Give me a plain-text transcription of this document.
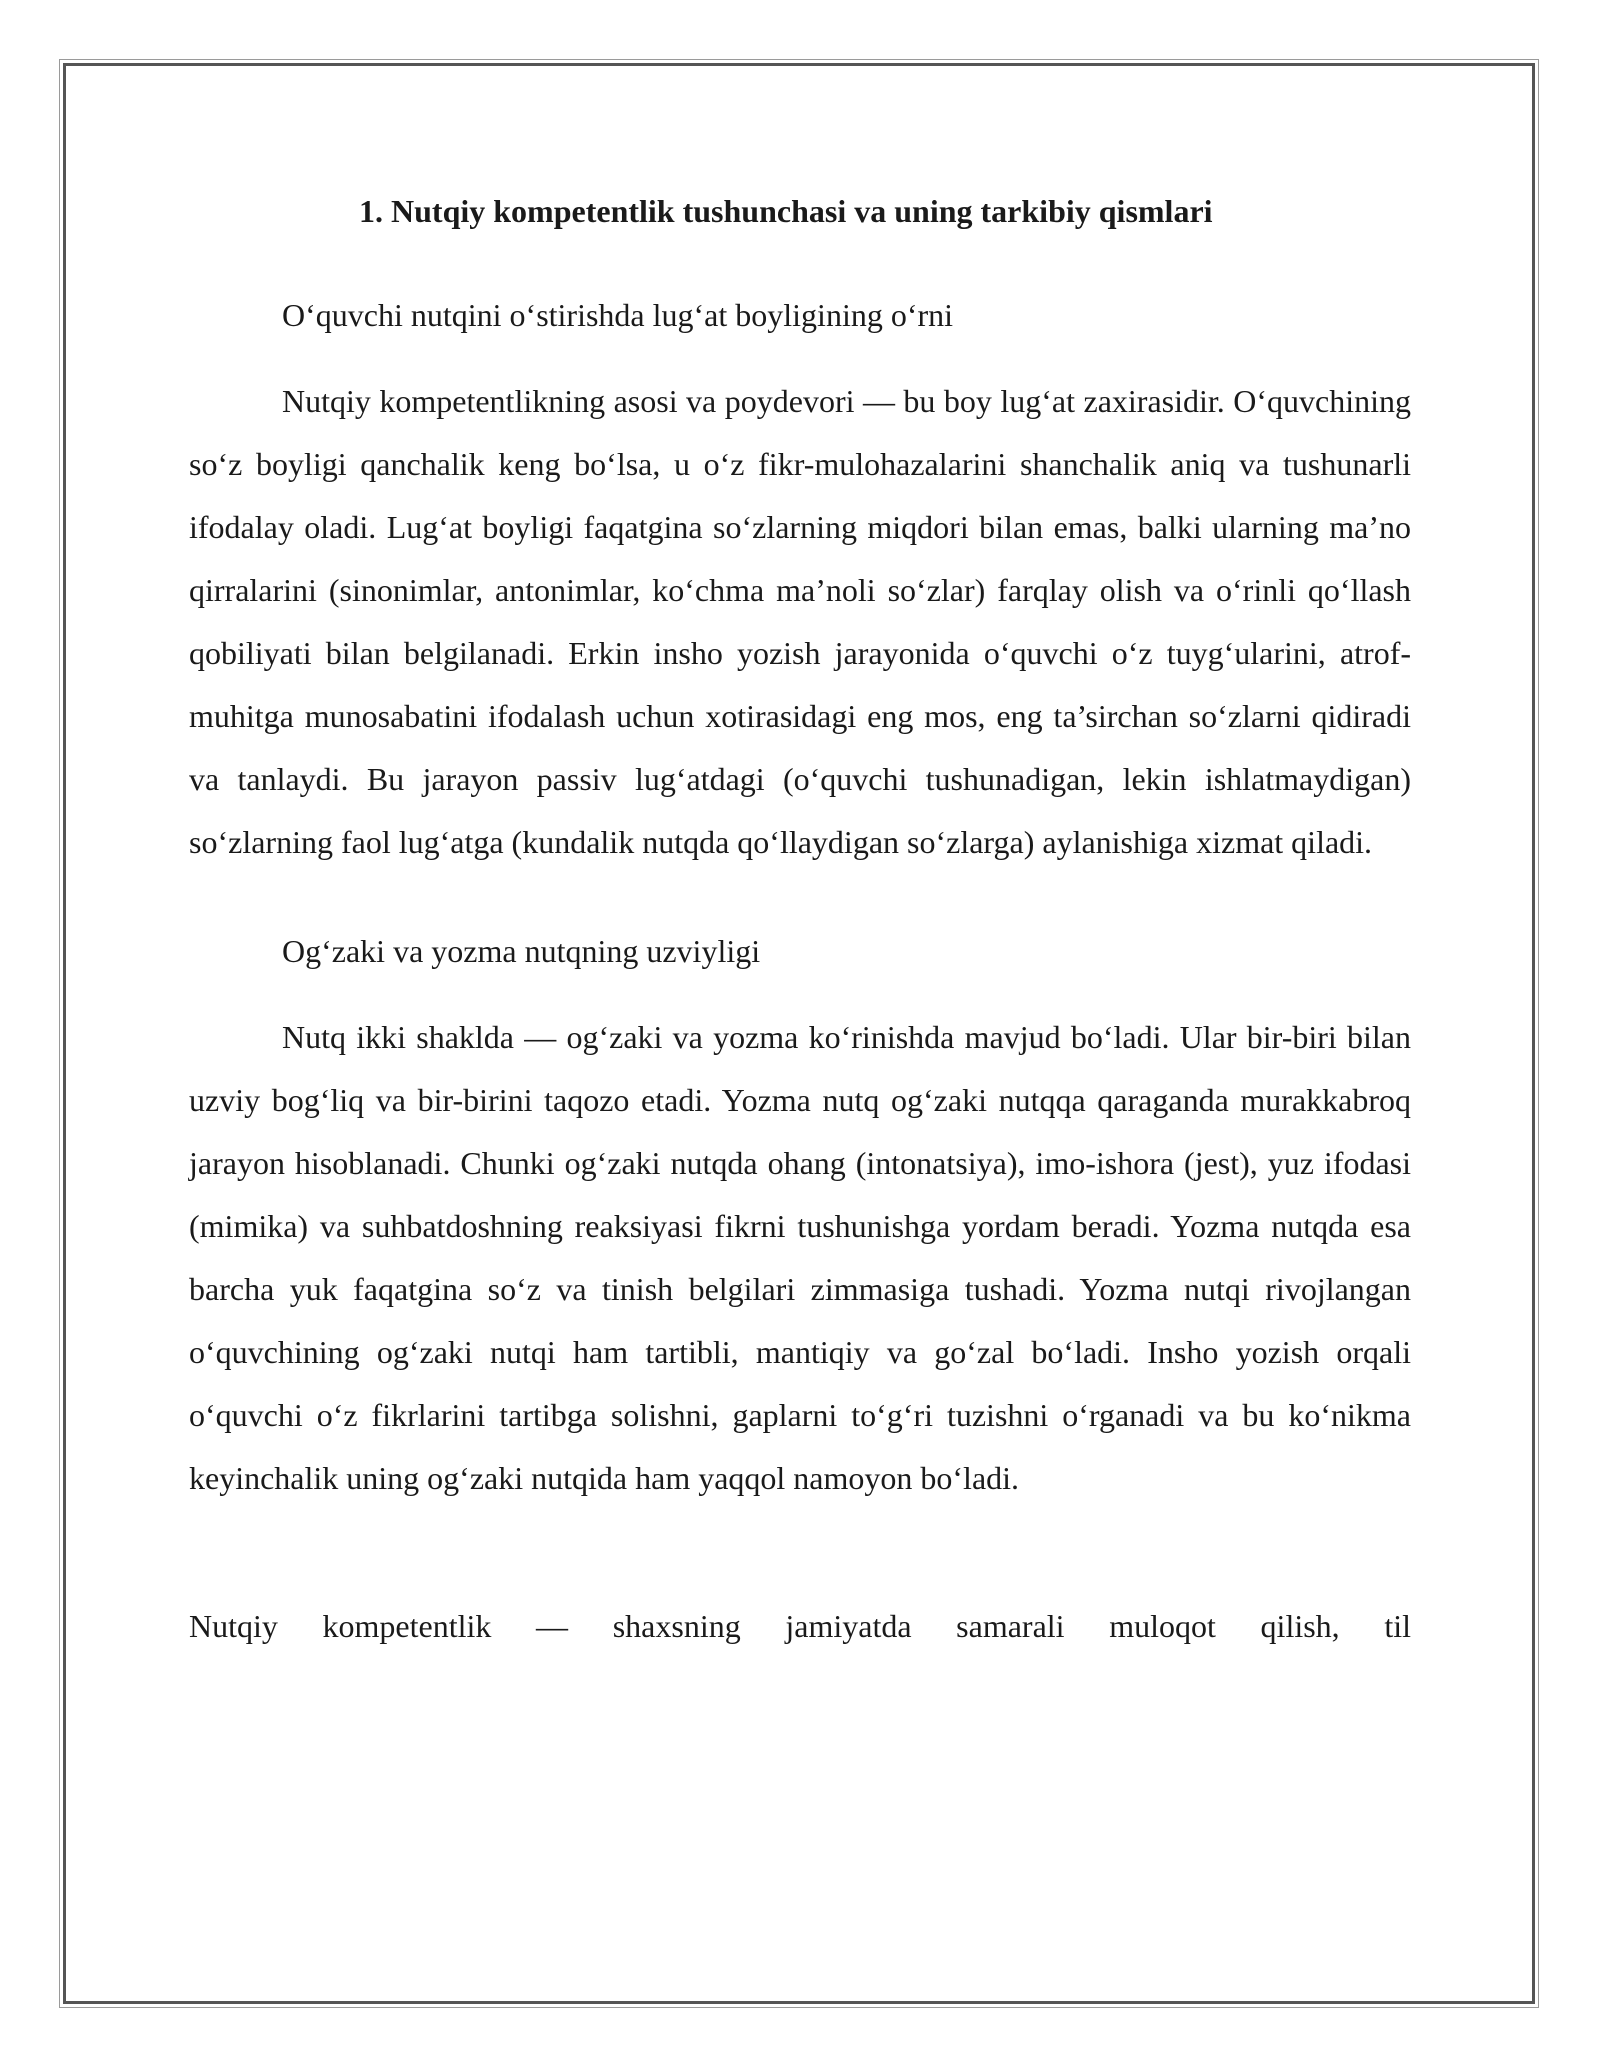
1. Nutqiy kompetentlik tushunchasi va uning tarkibiy qismlari

O‘quvchi nutqini o‘stirishda lug‘at boyligining o‘rni

Nutqiy kompetentlikning asosi va poydevori — bu boy lug‘at zaxirasidir. O‘quvchining so‘z boyligi qanchalik keng bo‘lsa, u o‘z fikr-mulohazalarini shanchalik aniq va tushunarli ifodalay oladi. Lug‘at boyligi faqatgina so‘zlarning miqdori bilan emas, balki ularning ma’no qirralarini (sinonimlar, antonimlar, ko‘chma ma’noli so‘zlar) farqlay olish va o‘rinli qo‘llash qobiliyati bilan belgilanadi. Erkin insho yozish jarayonida o‘quvchi o‘z tuyg‘ularini, atrof-muhitga munosabatini ifodalash uchun xotirasidagi eng mos, eng ta’sirchan so‘zlarni qidiradi va tanlaydi. Bu jarayon passiv lug‘atdagi (o‘quvchi tushunadigan, lekin ishlatmaydigan) so‘zlarning faol lug‘atga (kundalik nutqda qo‘llaydigan so‘zlarga) aylanishiga xizmat qiladi.

Og‘zaki va yozma nutqning uzviyligi

Nutq ikki shaklda — og‘zaki va yozma ko‘rinishda mavjud bo‘ladi. Ular bir-biri bilan uzviy bog‘liq va bir-birini taqozo etadi. Yozma nutq og‘zaki nutqqa qaraganda murakkabroq jarayon hisoblanadi. Chunki og‘zaki nutqda ohang (intonatsiya), imo-ishora (jest), yuz ifodasi (mimika) va suhbatdoshning reaksiyasi fikrni tushunishga yordam beradi. Yozma nutqda esa barcha yuk faqatgina so‘z va tinish belgilari zimmasiga tushadi. Yozma nutqi rivojlangan o‘quvchining og‘zaki nutqi ham tartibli, mantiqiy va go‘zal bo‘ladi. Insho yozish orqali o‘quvchi o‘z fikrlarini tartibga solishni, gaplarni to‘g‘ri tuzishni o‘rganadi va bu ko‘nikma keyinchalik uning og‘zaki nutqida ham yaqqol namoyon bo‘ladi.

Nutqiy kompetentlik — shaxsning jamiyatda samarali muloqot qilish, til
